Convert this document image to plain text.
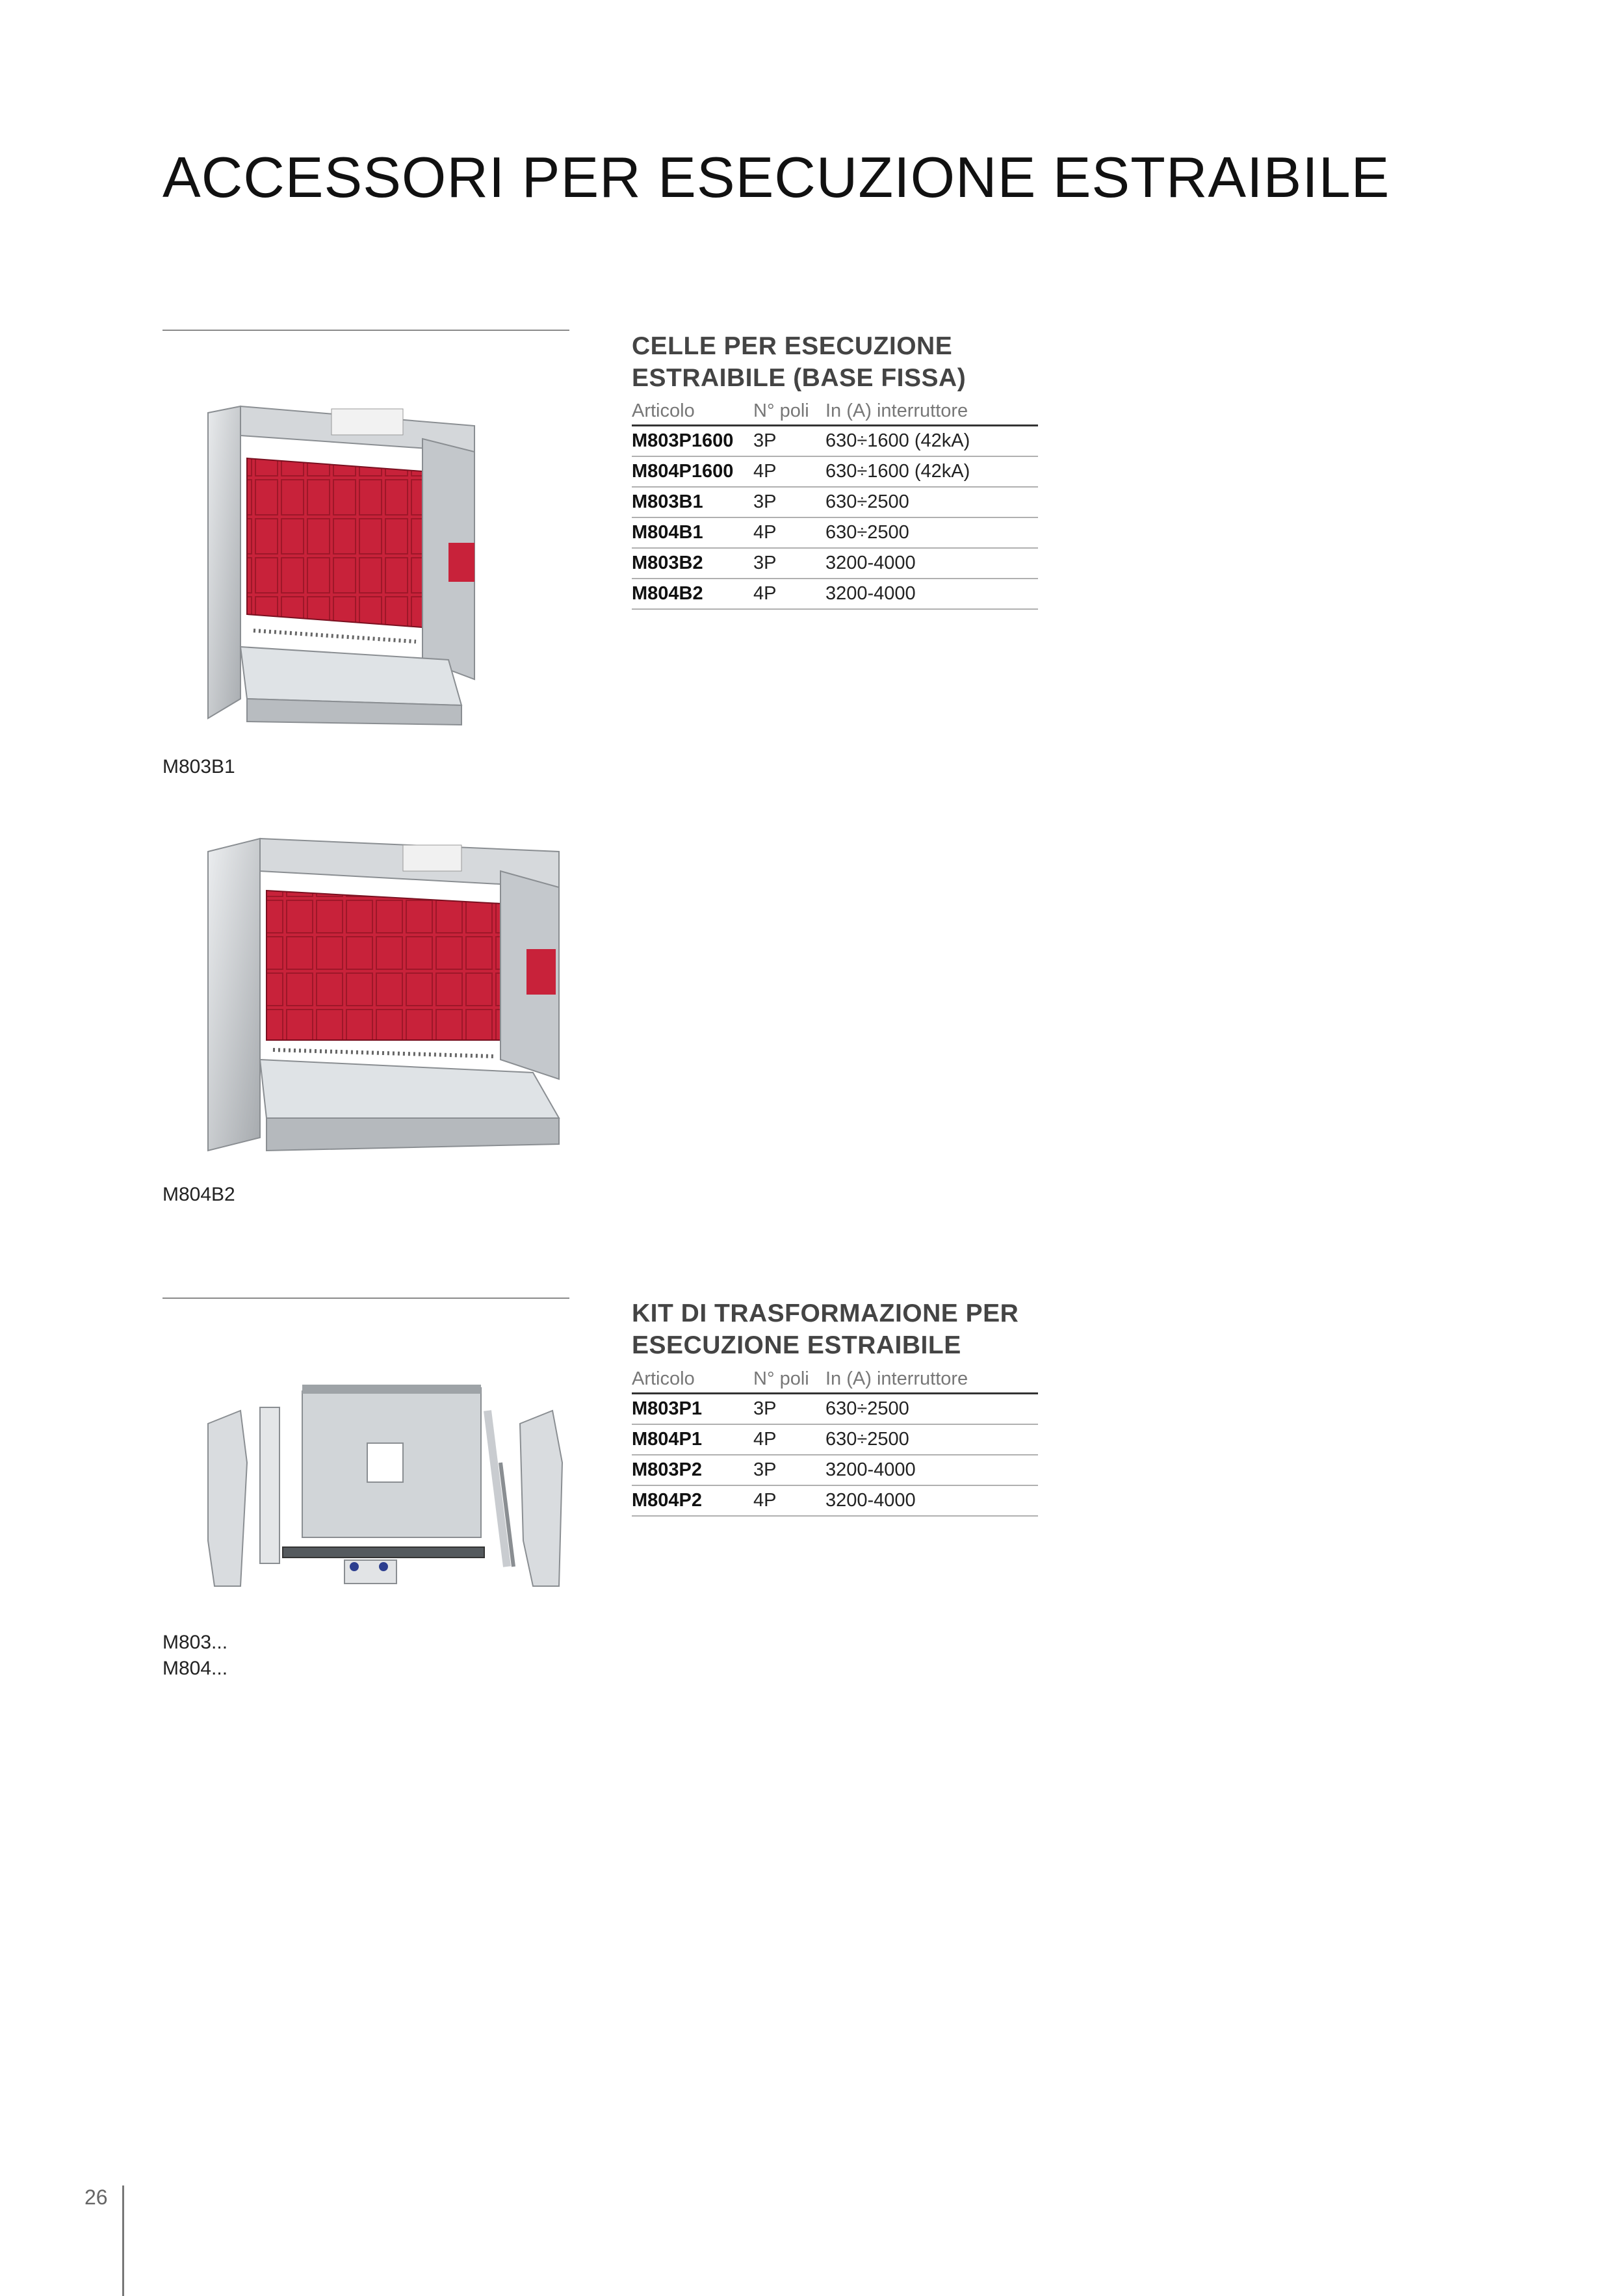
ACCESSORI PER ESECUZIONE ESTRAIBILE
CELLE PER ESECUZIONE
ESTRAIBILE (BASE FISSA)
Articolo	N° poli	In (A) interruttore
M803P1600	3P	630÷1600 (42kA)
M804P1600	4P	630÷1600 (42kA)
M803B1	3P	630÷2500
M804B1	4P	630÷2500
M803B2	3P	3200-4000
M804B2	4P	3200-4000
M803B1
M804B2
KIT DI TRASFORMAZIONE PER
ESECUZIONE ESTRAIBILE
Articolo	N° poli	In (A) interruttore
M803P1	3P	630÷2500
M804P1	4P	630÷2500
M803P2	3P	3200-4000
M804P2	4P	3200-4000
M803...
M804...
26
